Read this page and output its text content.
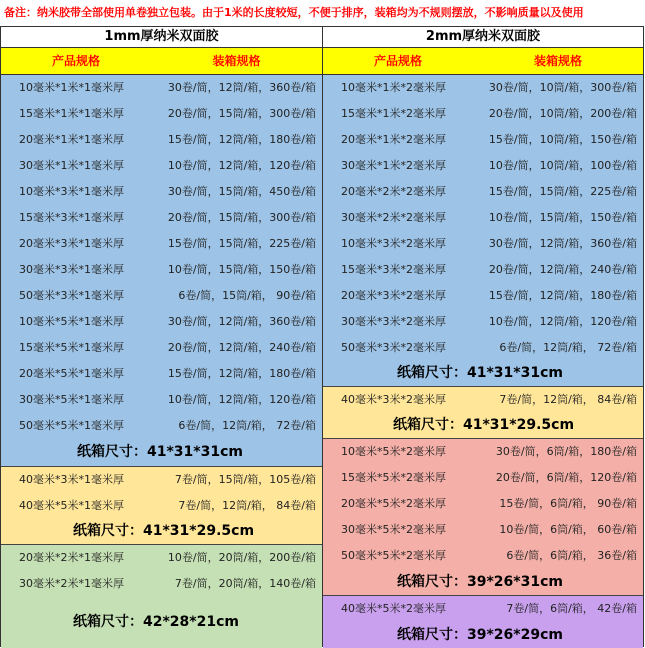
备注：纳米胶带全部使用单卷独立包装。由于1米的长度较短，不便于排序，装箱均为不规则摆放，不影响质量以及使用
1mm厚纳米双面胶
产品规格	装箱规格
10毫米*1米*1毫米厚	30卷/简，12筒/箱，360卷/箱
15毫米*1米*1毫米厚	20卷/简，15筒/箱，300卷/箱
20毫米*1米*1毫米厚	15卷/简，12筒/箱，180卷/箱
30毫米*1米*1毫米厚	10卷/简，12筒/箱，120卷/箱
10毫米*3米*1毫米厚	30卷/简，15筒/箱，450卷/箱
15毫米*3米*1毫米厚	20卷/简，15筒/箱，300卷/箱
20毫米*3米*1毫米厚	15卷/简，15筒/箱，225卷/箱
30毫米*3米*1毫米厚	10卷/简，15筒/箱，150卷/箱
50毫米*3米*1毫米厚	6卷/简，15筒/箱， 90卷/箱
10毫米*5米*1毫米厚	30卷/简，12筒/箱，360卷/箱
15毫米*5米*1毫米厚	20卷/简，12筒/箱，240卷/箱
20毫米*5米*1毫米厚	15卷/简，12筒/箱，180卷/箱
30毫米*5米*1毫米厚	10卷/简，12筒/箱，120卷/箱
50毫米*5米*1毫米厚	6卷/简，12筒/箱， 72卷/箱
纸箱尺寸：41*31*31cm
40毫米*3米*1毫米厚	7卷/简，15筒/箱，105卷/箱
40毫米*5米*1毫米厚	7卷/简，12筒/箱， 84卷/箱
纸箱尺寸：41*31*29.5cm
20毫米*2米*1毫米厚	10卷/简，20筒/箱，200卷/箱
30毫米*2米*1毫米厚	7卷/简，20筒/箱，140卷/箱
纸箱尺寸：42*28*21cm
2mm厚纳米双面胶
产品规格	装箱规格
10毫米*1米*2毫米厚	30卷/简，10筒/箱，300卷/箱
15毫米*1米*2毫米厚	20卷/简，10筒/箱，200卷/箱
20毫米*1米*2毫米厚	15卷/简，10筒/箱，150卷/箱
30毫米*1米*2毫米厚	10卷/简，10筒/箱，100卷/箱
20毫米*2米*2毫米厚	15卷/简，15筒/箱，225卷/箱
30毫米*2米*2毫米厚	10卷/简，15筒/箱，150卷/箱
10毫米*3米*2毫米厚	30卷/简，12筒/箱，360卷/箱
15毫米*3米*2毫米厚	20卷/简，12筒/箱，240卷/箱
20毫米*3米*2毫米厚	15卷/简，12筒/箱，180卷/箱
30毫米*3米*2毫米厚	10卷/简，12筒/箱，120卷/箱
50毫米*3米*2毫米厚	6卷/简，12筒/箱， 72卷/箱
纸箱尺寸：41*31*31cm
40毫米*3米*2毫米厚	7卷/简，12筒/箱， 84卷/箱
纸箱尺寸：41*31*29.5cm
10毫米*5米*2毫米厚	30卷/简，6筒/箱，180卷/箱
15毫米*5米*2毫米厚	20卷/简，6筒/箱，120卷/箱
20毫米*5米*2毫米厚	15卷/简，6筒/箱， 90卷/箱
30毫米*5米*2毫米厚	10卷/简，6筒/箱， 60卷/箱
50毫米*5米*2毫米厚	6卷/简，6筒/箱， 36卷/箱
纸箱尺寸：39*26*31cm
40毫米*5米*2毫米厚	7卷/简，6筒/箱， 42卷/箱
纸箱尺寸：39*26*29cm
